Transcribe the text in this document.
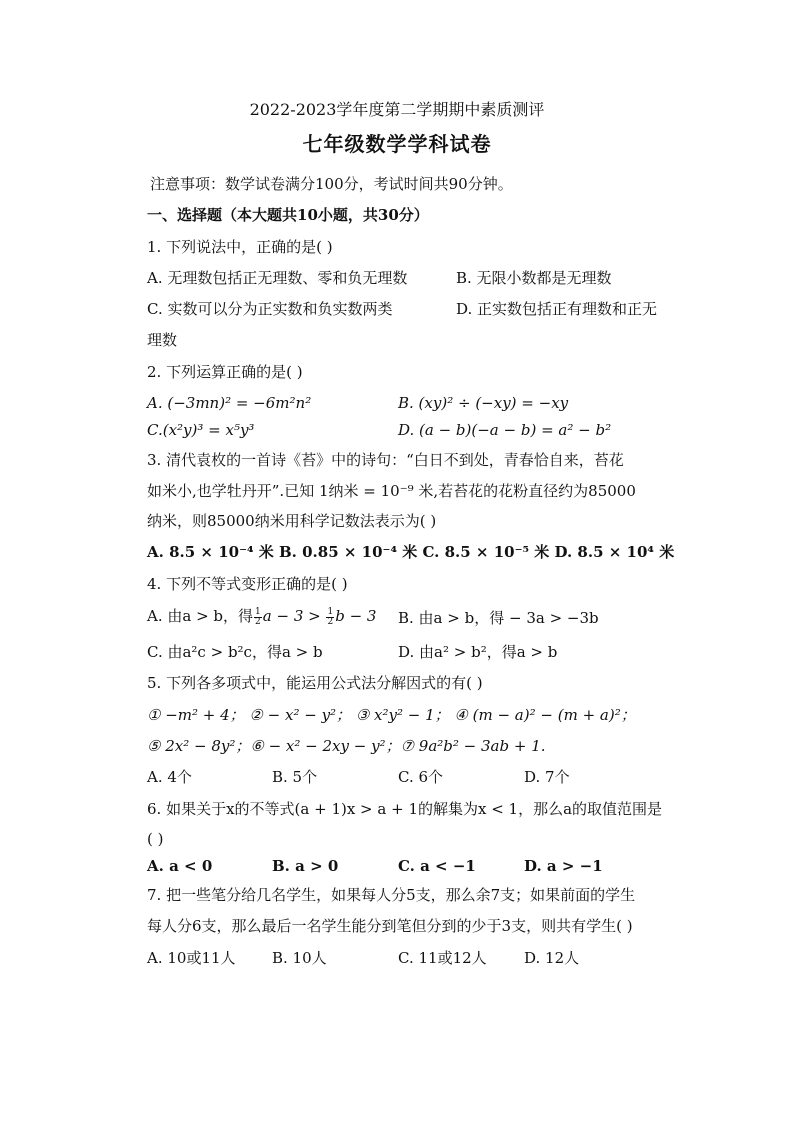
2022-2023学年度第二学期期中素质测评
七年级数学学科试卷
注意事项：数学试卷满分100分，考试时间共90分钟。
一、选择题（本大题共10小题，共30分）
1. 下列说法中，正确的是( )
A. 无理数包括正无理数、零和负无理数	B. 无限小数都是无理数
C. 实数可以分为正实数和负实数两类	D. 正实数包括正有理数和正无
理数
2. 下列运算正确的是( )
A. (−3mn)² = −6m²n²	B. (xy)² ÷ (−xy) = −xy
C.(x²y)³ = x⁵y³	D. (a − b)(−a − b) = a² − b²
3. 清代袁枚的一首诗《苔》中的诗句：“白日不到处，青春恰自来，苔花
如米小,也学牡丹开”.已知 1纳米 = 10⁻⁹ 米,若苔花的花粉直径约为85000
纳米，则85000纳米用科学记数法表示为( )
A. 8.5 × 10⁻⁴ 米 B. 0.85 × 10⁻⁴ 米 C. 8.5 × 10⁻⁵ 米 D. 8.5 × 10⁴ 米
4. 下列不等式变形正确的是( )
A. 由a > b，得 $\frac{1}{2}$ $a - 3 > \frac{1}{2}$ b − 3 B. 由a > b，得 − 3a > −3b
C. 由a²c > b²c，得a > b	D. 由a² > b²，得a > b
5. 下列各多项式中，能运用公式法分解因式的有( )
① −m² + 4； ② − x² − y²； ③ x²y² − 1； ④ (m − a)² − (m + a)²；
⑤ 2x² − 8y²；⑥ − x² − 2xy − y²；⑦ 9a²b² − 3ab + 1.
A. 4个	B. 5个	C. 6个	D. 7个
6. 如果关于x的不等式(a + 1)x > a + 1的解集为x < 1，那么a的取值范围是
( )
A. a < 0	B. a > 0	C. a < −1	D. a > −1
7. 把一些笔分给几名学生，如果每人分5支，那么余7支；如果前面的学生
每人分6支，那么最后一名学生能分到笔但分到的少于3支，则共有学生( )
A. 10或11人 B. 10人	C. 11或12人 D. 12人
